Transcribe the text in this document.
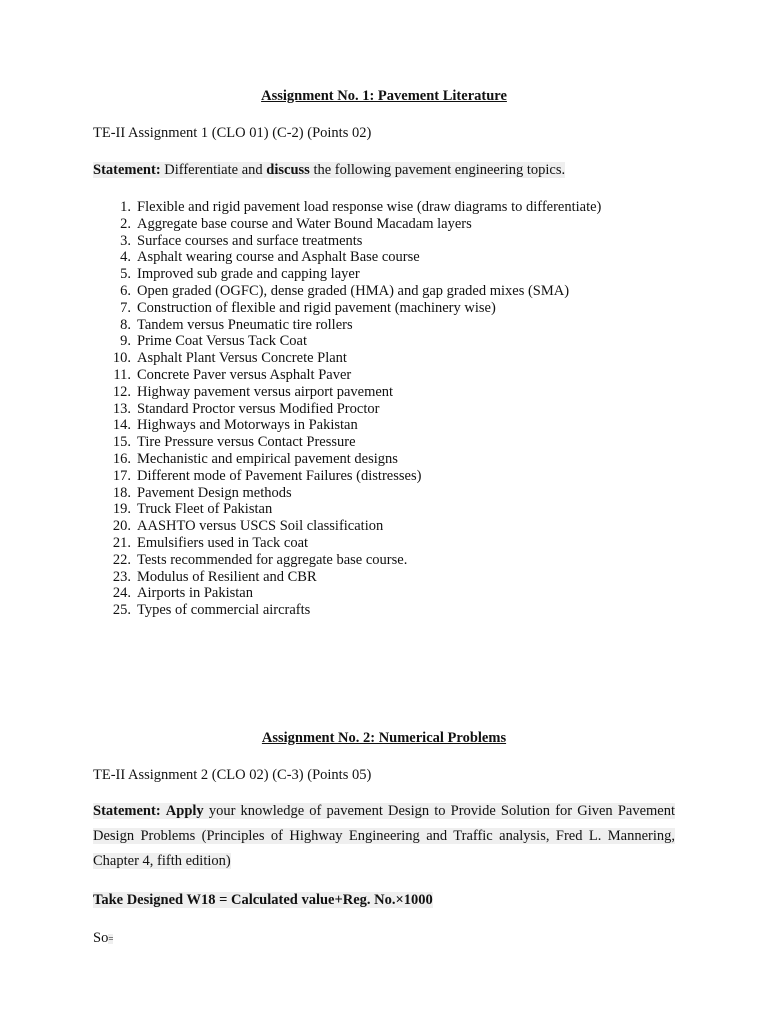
Assignment No. 1: Pavement Literature
TE-II Assignment 1 (CLO 01) (C-2) (Points 02)
Statement: Differentiate and discuss the following pavement engineering topics.
1. Flexible and rigid pavement load response wise (draw diagrams to differentiate)
2. Aggregate base course and Water Bound Macadam layers
3. Surface courses and surface treatments
4. Asphalt wearing course and Asphalt Base course
5. Improved sub grade and capping layer
6. Open graded (OGFC), dense graded (HMA) and gap graded mixes (SMA)
7. Construction of flexible and rigid pavement (machinery wise)
8. Tandem versus Pneumatic tire rollers
9. Prime Coat Versus Tack Coat
10. Asphalt Plant Versus Concrete Plant
11. Concrete Paver versus Asphalt Paver
12. Highway pavement versus airport pavement
13. Standard Proctor versus Modified Proctor
14. Highways and Motorways in Pakistan
15. Tire Pressure versus Contact Pressure
16. Mechanistic and empirical pavement designs
17. Different mode of Pavement Failures (distresses)
18. Pavement Design methods
19. Truck Fleet of Pakistan
20. AASHTO versus USCS Soil classification
21. Emulsifiers used in Tack coat
22. Tests recommended for aggregate base course.
23. Modulus of Resilient and CBR
24. Airports in Pakistan
25. Types of commercial aircrafts
Assignment No. 2: Numerical Problems
TE-II Assignment 2 (CLO 02) (C-3) (Points 05)
Statement: Apply your knowledge of pavement Design to Provide Solution for Given Pavement Design Problems (Principles of Highway Engineering and Traffic analysis, Fred L. Mannering, Chapter 4, fifth edition)
Take Designed W18 = Calculated value+Reg. No.×1000
So=
